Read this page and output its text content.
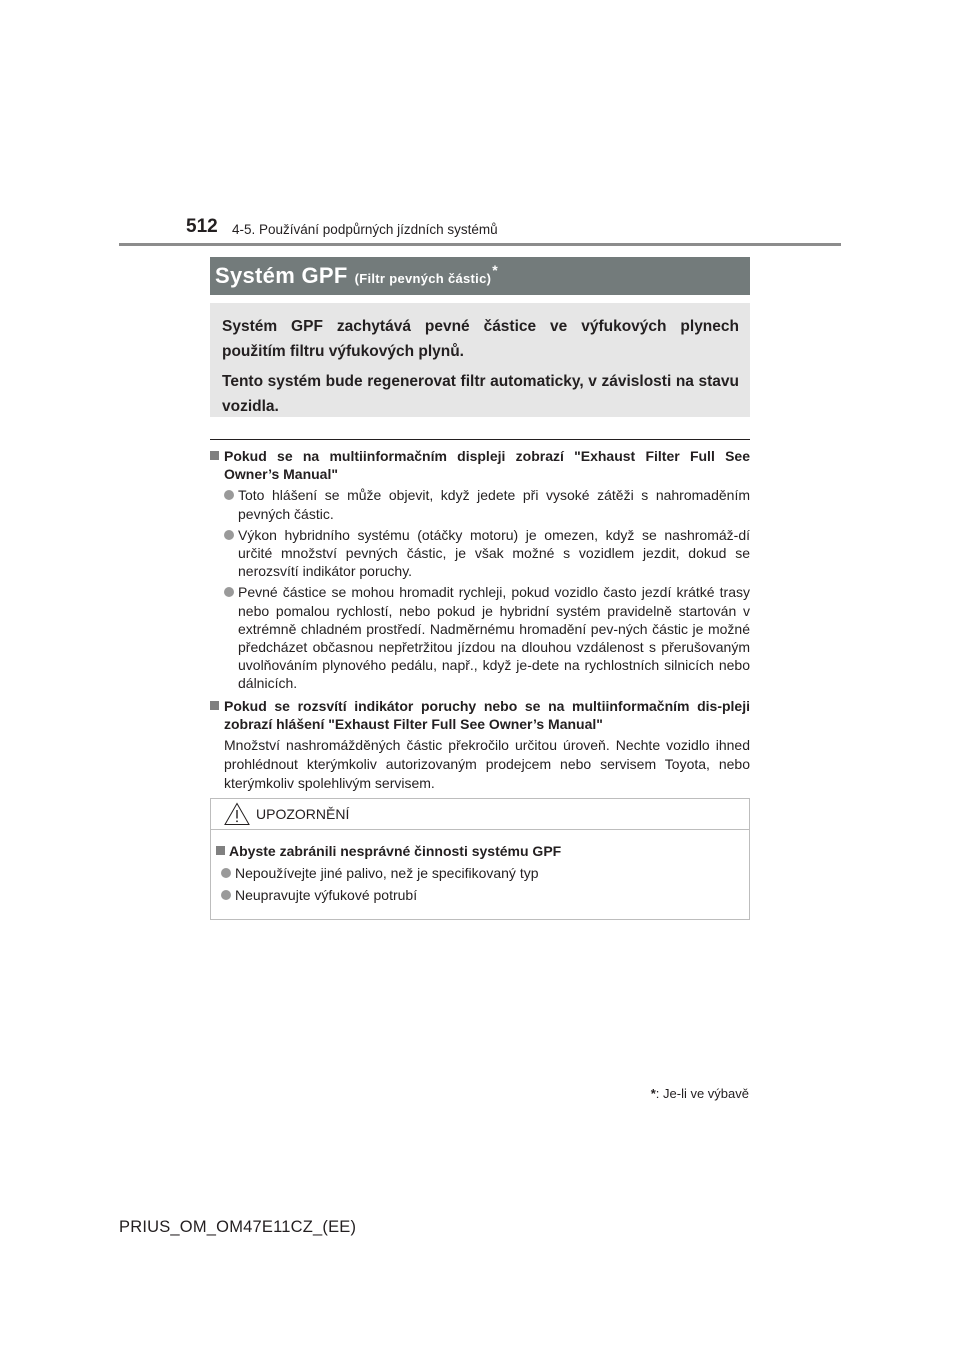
512 4-5. Používání podpůrných jízdních systémů
Systém GPF (Filtr pevných částic)*

Systém GPF zachytává pevné částice ve výfukových plynech použitím filtru výfukových plynů.

Tento systém bude regenerovat filtr automaticky, v závislosti na stavu vozidla.

Pokud se na multiinformačním displeji zobrazí "Exhaust Filter Full See Owner’s Manual"

Toto hlášení se může objevit, když jedete při vysoké zátěži s nahromaděním pevných částic.

Výkon hybridního systému (otáčky motoru) je omezen, když se nashromáž-dí určité množství pevných částic, je však možné s vozidlem jezdit, dokud se nerozsvítí indikátor poruchy.

Pevné částice se mohou hromadit rychleji, pokud vozidlo často jezdí krátké trasy nebo pomalou rychlostí, nebo pokud je hybridní systém pravidelně startován v extrémně chladném prostředí. Nadměrnému hromadění pev-ných částic je možné předcházet občasnou nepřetržitou jízdou na dlouhou vzdálenost s přerušovaným uvolňováním plynového pedálu, např., když je-dete na rychlostních silnicích nebo dálnicích.

Pokud se rozsvítí indikátor poruchy nebo se na multiinformačním dis-pleji zobrazí hlášení "Exhaust Filter Full See Owner’s Manual"

Množství nashromážděných částic překročilo určitou úroveň. Nechte vozidlo ihned prohlédnout kterýmkoliv autorizovaným prodejcem nebo servisem Toyota, nebo kterýmkoliv spolehlivým servisem.

UPOZORNĚNÍ
Abyste zabránili nesprávné činnosti systému GPF
Nepoužívejte jiné palivo, než je specifikovaný typ
Neupravujte výfukové potrubí
*: Je-li ve výbavě
PRIUS_OM_OM47E11CZ_(EE)
